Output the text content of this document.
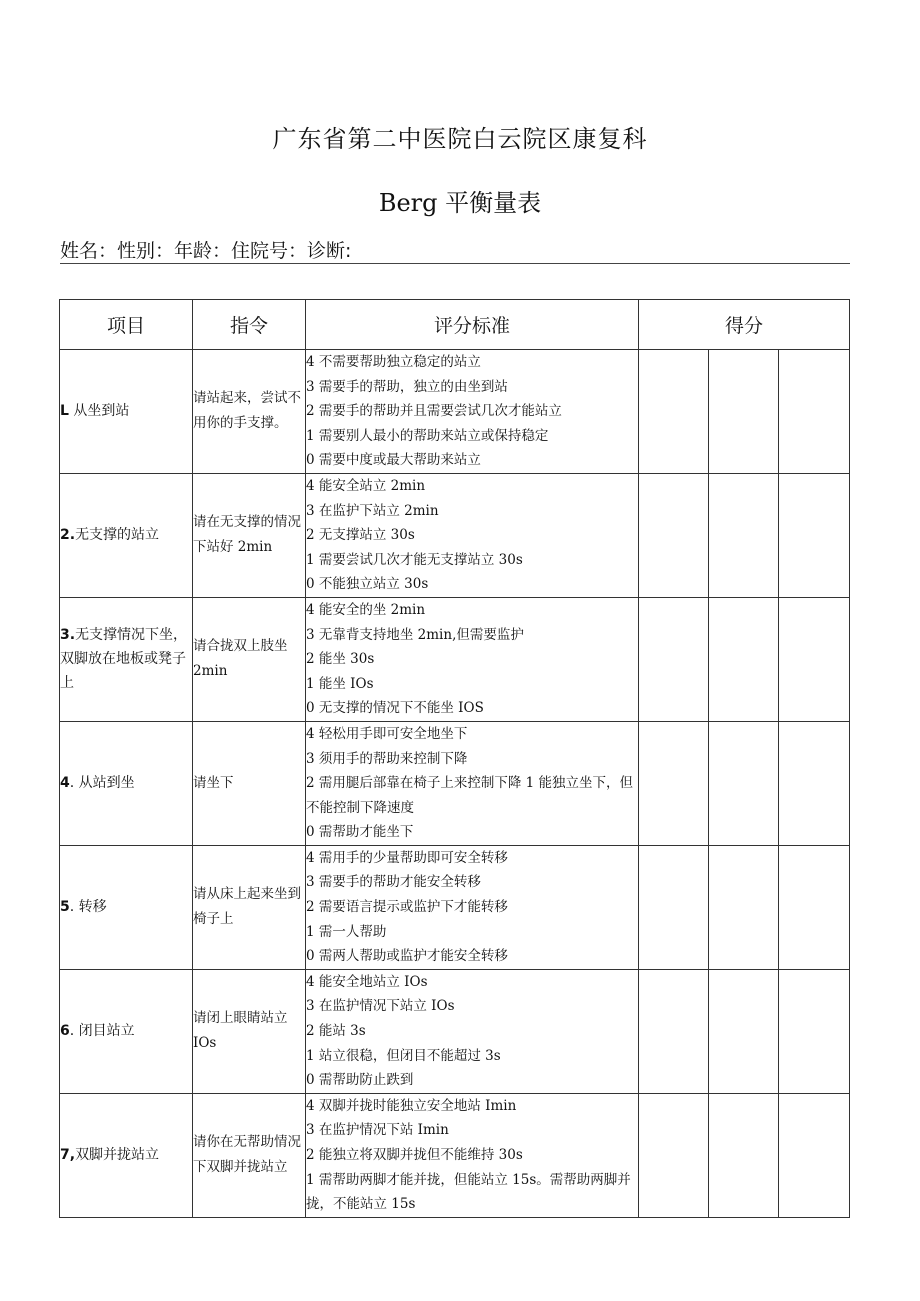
广东省第二中医院白云院区康复科
Berg 平衡量表
姓名：性别：年龄：住院号：诊断:
项目	指令	评分标准	得分		
L 从坐到站	请站起来，尝试不用你的手支撑。	4 不需要帮助独立稳定的站立
3 需要手的帮助，独立的由坐到站
2 需要手的帮助并且需要尝试几次才能站立
1 需要别人最小的帮助来站立或保持稳定
0 需要中度或最大帮助来站立			

2.无支撑的站立	请在无支撑的情况下站好 2min	4 能安全站立 2min
3 在监护下站立 2min
2 无支撑站立 30s
1 需要尝试几次才能无支撑站立 30s
0 不能独立站立 30s			

3.无支撑情况下坐，双脚放在地板或凳子上	请合拢双上肢坐 2min	4 能安全的坐 2min
3 无靠背支持地坐 2min,但需要监护
2 能坐 30s
1 能坐 IOs
0 无支撑的情况下不能坐 IOS			

4. 从站到坐	请坐下	4 轻松用手即可安全地坐下
3 须用手的帮助来控制下降
2 需用腿后部靠在椅子上来控制下降 1 能独立坐下，但不能控制下降速度
0 需帮助才能坐下			

5. 转移	请从床上起来坐到椅子上	4 需用手的少量帮助即可安全转移
3 需要手的帮助才能安全转移
2 需要语言提示或监护下才能转移
1 需一人帮助
0 需两人帮助或监护才能安全转移			

6. 闭目站立	请闭上眼睛站立 IOs	4 能安全地站立 IOs
3 在监护情况下站立 IOs
2 能站 3s
1 站立很稳，但闭目不能超过 3s
0 需帮助防止跌到			

7,双脚并拢站立	请你在无帮助情况下双脚并拢站立	4 双脚并拢时能独立安全地站 Imin
3 在监护情况下站 Imin
2 能独立将双脚并拢但不能维持 30s
1 需帮助两脚才能并拢，但能站立 15s。需帮助两脚并拢，不能站立 15s			
